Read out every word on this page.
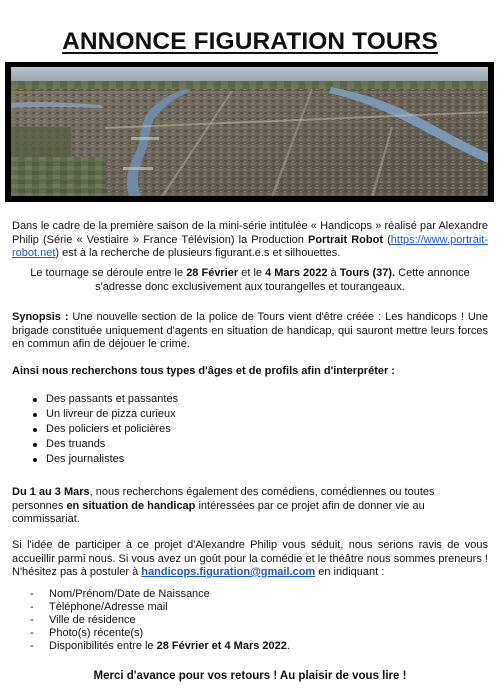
ANNONCE FIGURATION TOURS
Dans le cadre de la première saison de la mini-série intitulée « Handicops » réalisé par Alexandre Philip (Série « Vestiaire » France Télévision) la Production Portrait Robot (https://www.portrait-robot.net) est à la recherche de plusieurs figurant.e.s et silhouettes.
Le tournage se déroule entre le 28 Février et le 4 Mars 2022 à Tours (37). Cette annonce s'adresse donc exclusivement aux tourangelles et tourangeaux.
Synopsis : Une nouvelle section de la police de Tours vient d'être créée : Les handicops ! Une brigade constituée uniquement d'agents en situation de handicap, qui sauront mettre leurs forces en commun afin de déjouer le crime.
Ainsi nous recherchons tous types d'âges et de profils afin d'interpréter :
Des passants et passantes
Un livreur de pizza curieux
Des policiers et policières
Des truands
Des journalistes
Du 1 au 3 Mars, nous recherchons également des comédiens, comédiennes ou toutes personnes en situation de handicap intéressées par ce projet afin de donner vie au commissariat.
Si l'idée de participer à ce projet d'Alexandre Philip vous séduit, nous serions ravis de vous accueillir parmi nous. Si vous avez un goût pour la comédie et le théâtre nous sommes preneurs ! N'hésitez pas à postuler à handicops.figuration@gmail.com en indiquant :
- Nom/Prénom/Date de Naissance
- Téléphone/Adresse mail
- Ville de résidence
- Photo(s) récente(s)
- Disponibilités entre le 28 Février et 4 Mars 2022.
Merci d'avance pour vos retours ! Au plaisir de vous lire !
